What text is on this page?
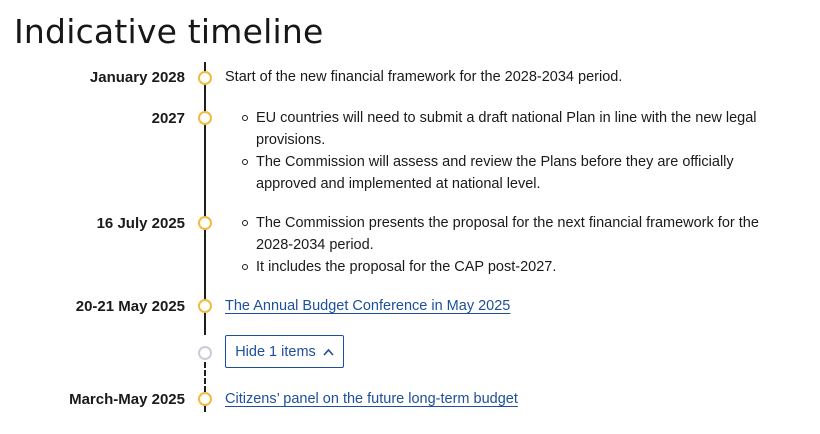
Indicative timeline
January 2028	Start of the new financial framework for the 2028-2034 period.
2027	EU countries will need to submit a draft national Plan in line with the new legal provisions.
The Commission will assess and review the Plans before they are officially approved and implemented at national level.
16 July 2025	The Commission presents the proposal for the next financial framework for the 2028-2034 period.
It includes the proposal for the CAP post-2027.
20-21 May 2025	The Annual Budget Conference in May 2025
Hide 1 items
March-May 2025	Citizens’ panel on the future long-term budget
